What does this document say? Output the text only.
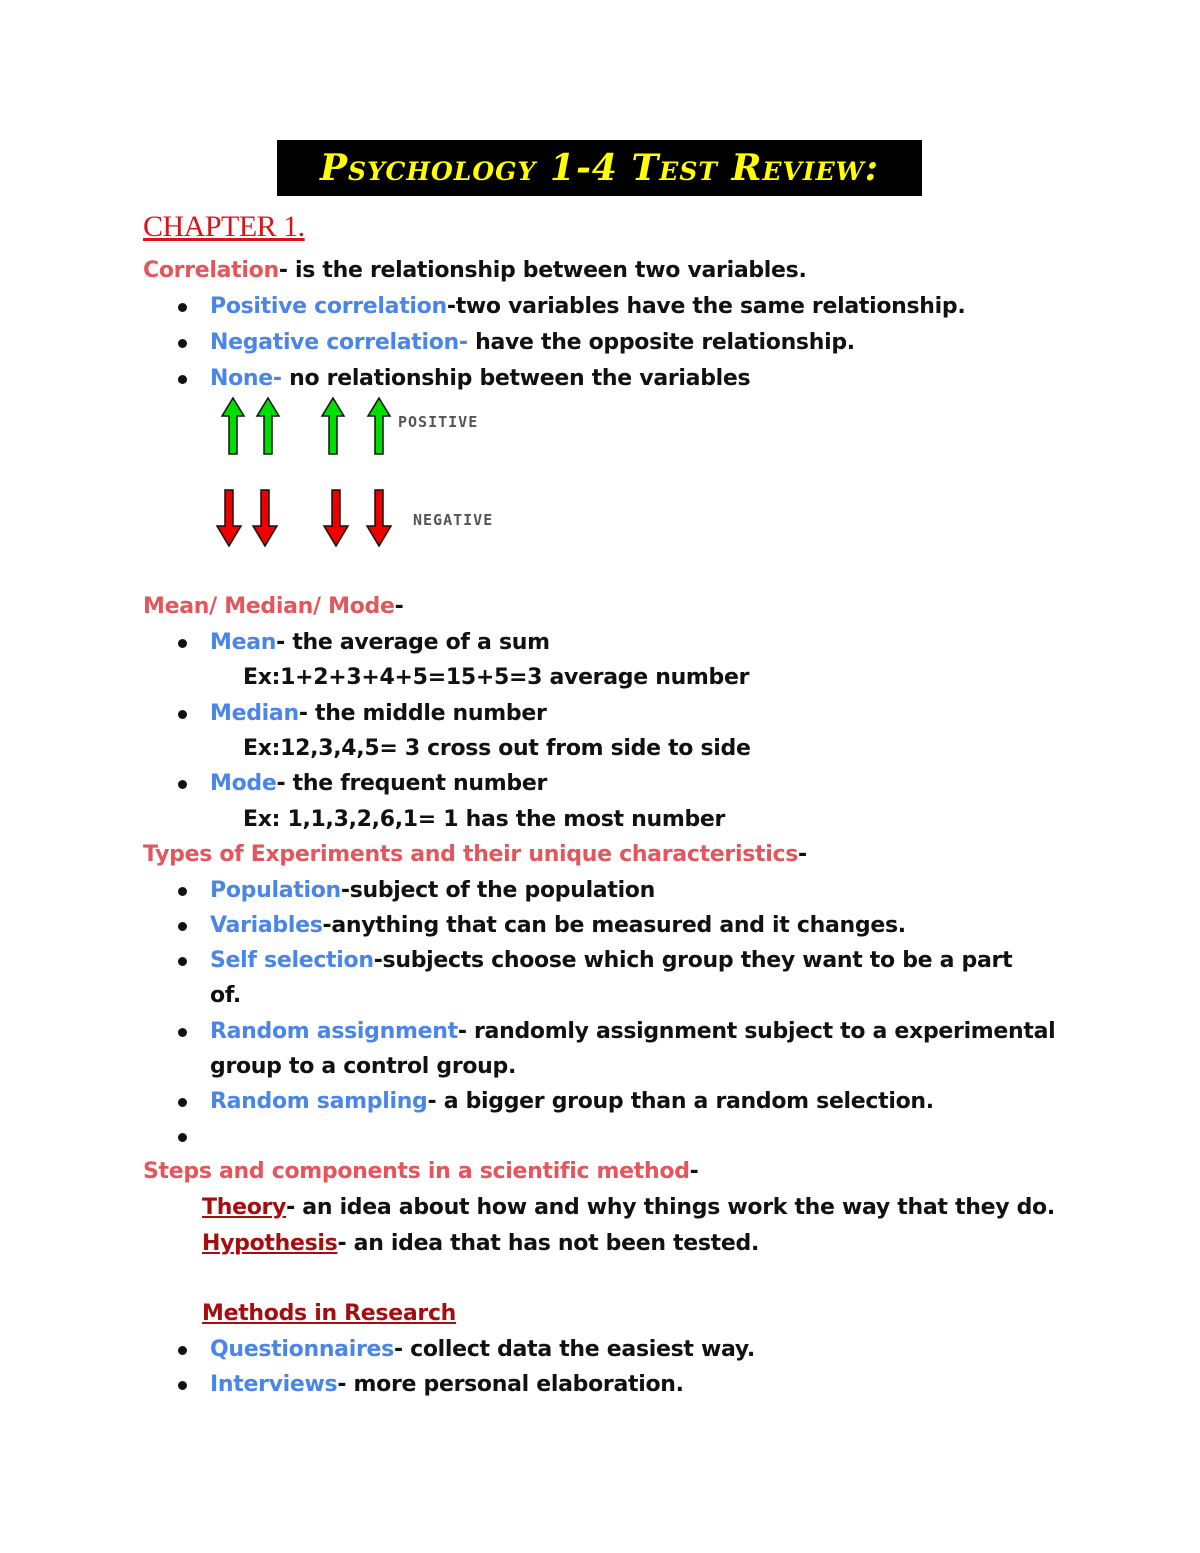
Psychology 1-4 Test Review:
CHAPTER 1.
Correlation- is the relationship between two variables.
Positive correlation-two variables have the same relationship.
Negative correlation- have the opposite relationship.
None- no relationship between the variables
POSITIVE
NEGATIVE
Mean/ Median/ Mode-
Mean- the average of a sum
Ex:1+2+3+4+5=15+5=3 average number
Median- the middle number
Ex:12,3,4,5= 3 cross out from side to side
Mode- the frequent number
Ex: 1,1,3,2,6,1= 1 has the most number
Types of Experiments and their unique characteristics-
Population-subject of the population
Variables-anything that can be measured and it changes.
Self selection-subjects choose which group they want to be a part
of.
Random assignment- randomly assignment subject to a experimental
group to a control group.
Random sampling- a bigger group than a random selection.
Steps and components in a scientific method-
Theory- an idea about how and why things work the way that they do.
Hypothesis- an idea that has not been tested.
Methods in Research
Questionnaires- collect data the easiest way.
Interviews- more personal elaboration.
